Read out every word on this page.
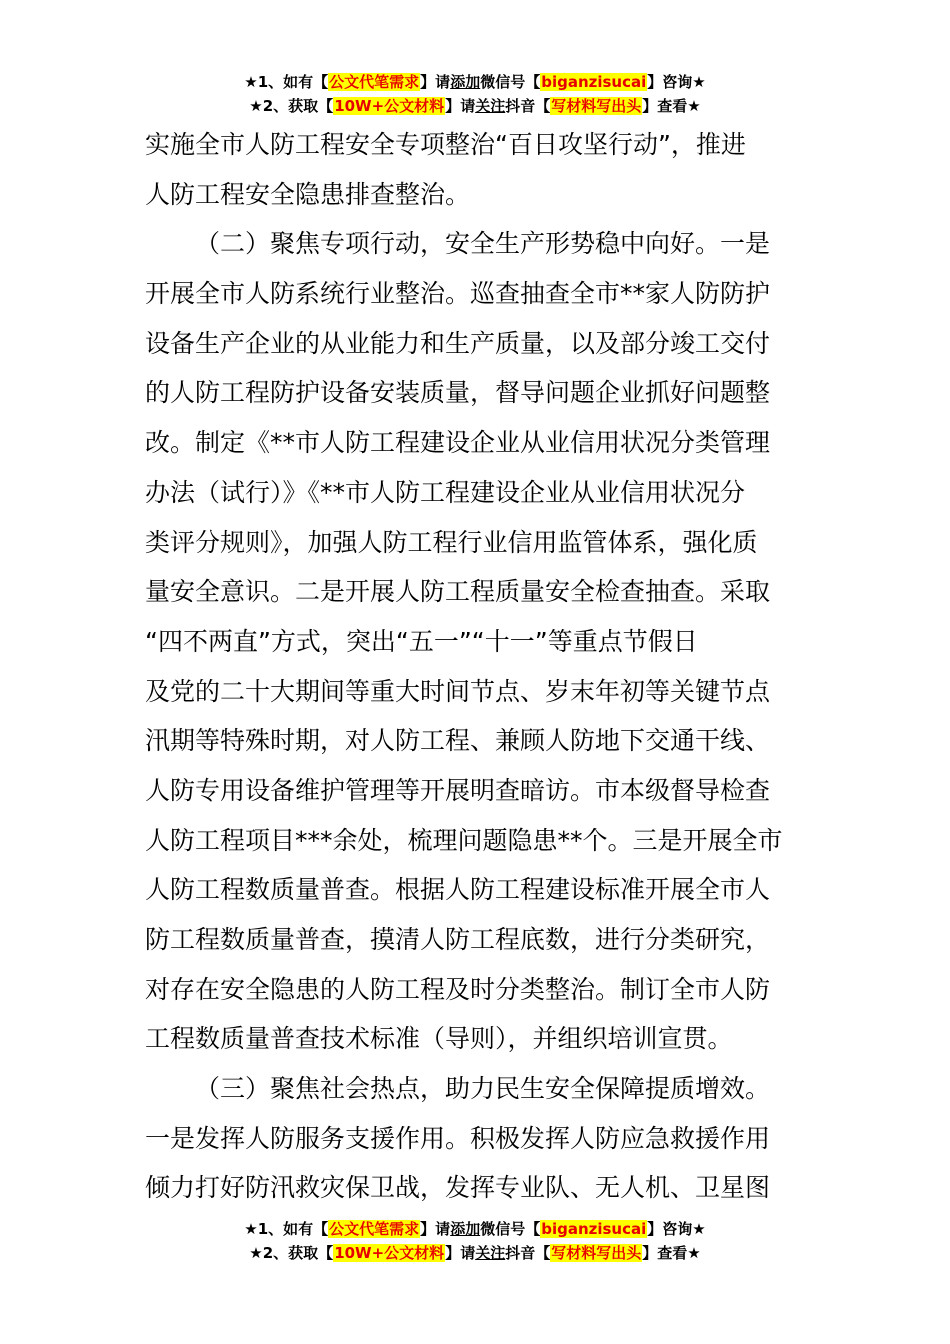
★1、如有【公文代笔需求】请添加微信号【biganzisucai】咨询★
★2、获取【10W+公文材料】请关注抖音【写材料写出头】查看★
实施全市人防工程安全专项整治“百日攻坚行动”，推进
人防工程安全隐患排查整治。
（二）聚焦专项行动，安全生产形势稳中向好。一是
开展全市人防系统行业整治。巡查抽查全市**家人防防护
设备生产企业的从业能力和生产质量，以及部分竣工交付
的人防工程防护设备安装质量，督导问题企业抓好问题整
改。制定《**市人防工程建设企业从业信用状况分类管理
办法（试行）》《**市人防工程建设企业从业信用状况分
类评分规则》，加强人防工程行业信用监管体系，强化质
量安全意识。二是开展人防工程质量安全检查抽查。采取
“四不两直”方式，突出“五一”“十一”等重点节假日
及党的二十大期间等重大时间节点、岁末年初等关键节点
汛期等特殊时期，对人防工程、兼顾人防地下交通干线、
人防专用设备维护管理等开展明查暗访。市本级督导检查
人防工程项目***余处，梳理问题隐患**个。三是开展全市
人防工程数质量普查。根据人防工程建设标准开展全市人
防工程数质量普查，摸清人防工程底数，进行分类研究，
对存在安全隐患的人防工程及时分类整治。制订全市人防
工程数质量普查技术标准（导则），并组织培训宣贯。
（三）聚焦社会热点，助力民生安全保障提质增效。
一是发挥人防服务支援作用。积极发挥人防应急救援作用
倾力打好防汛救灾保卫战，发挥专业队、无人机、卫星图
★1、如有【公文代笔需求】请添加微信号【biganzisucai】咨询★
★2、获取【10W+公文材料】请关注抖音【写材料写出头】查看★
